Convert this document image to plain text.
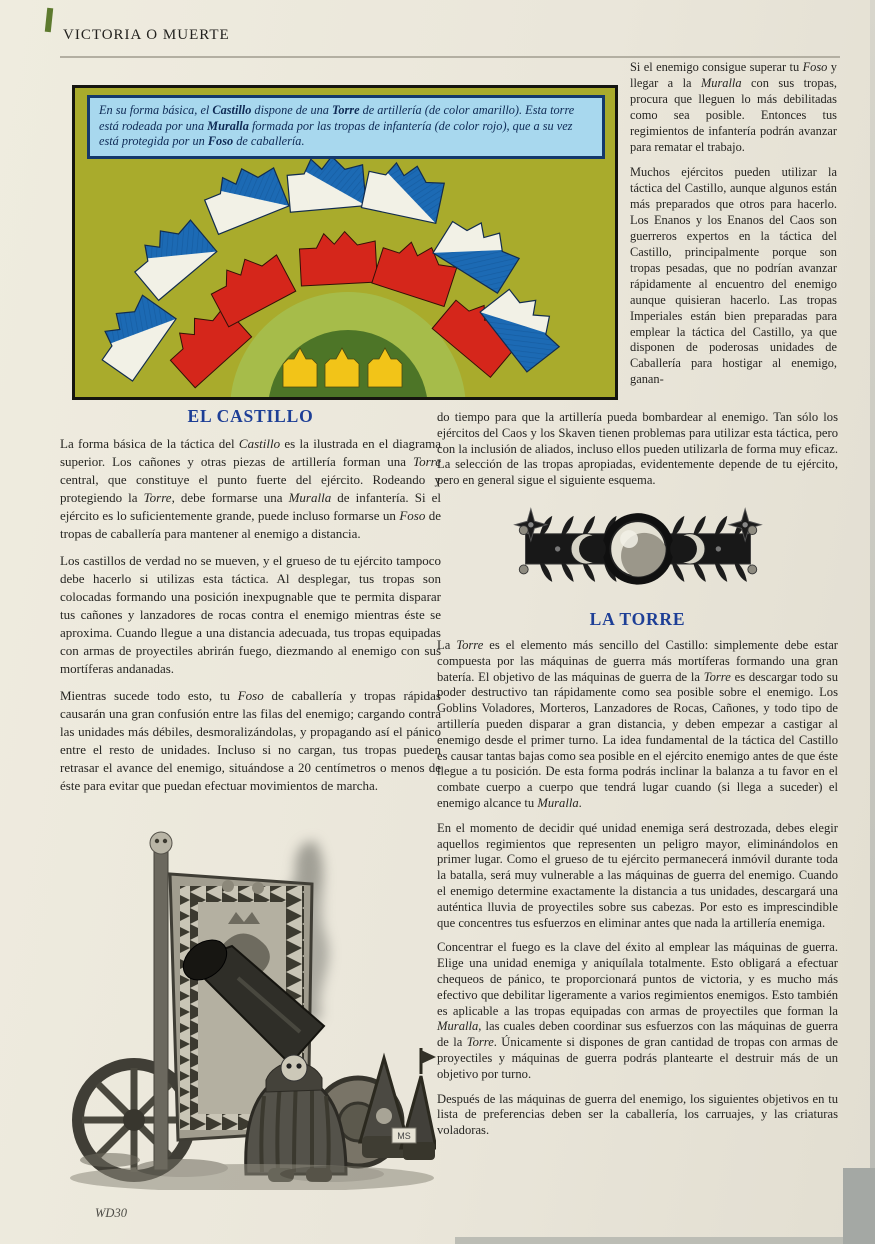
VICTORIA O MUERTE
En su forma básica, el Castillo dispone de una Torre de artillería (de color amarillo). Esta torre está rodeada por una Muralla formada por las tropas de infantería (de color rojo), que a su vez está protegida por un Foso de caballería.

Si el enemigo consigue superar tu Foso y llegar a la Muralla con sus tropas, procura que lleguen lo más debilitadas como sea posible. Entonces tus regimientos de infantería podrán avanzar para rematar el trabajo.

Muchos ejércitos pueden utilizar la táctica del Castillo, aunque algunos están más preparados que otros para hacerlo. Los Enanos y los Enanos del Caos son guerreros expertos en la táctica del Castillo, principalmente porque son tropas pesadas, que no podrían avanzar rápidamente al encuentro del enemigo aunque quisieran hacerlo. Las tropas Imperiales están bien preparadas para emplear la táctica del Castillo, ya que disponen de poderosas unidades de Caballería para hostigar al enemigo, ganan-

EL CASTILLO

La forma básica de la táctica del Castillo es la ilustrada en el diagrama superior. Los cañones y otras piezas de artillería forman una Torre central, que constituye el punto fuerte del ejército. Rodeando y protegiendo la Torre, debe formarse una Muralla de infantería. Si el ejército es lo suficientemente grande, puede incluso formarse un Foso de tropas de caballería para mantener al enemigo a distancia.

Los castillos de verdad no se mueven, y el grueso de tu ejército tampoco debe hacerlo si utilizas esta táctica. Al desplegar, tus tropas son colocadas formando una posición inexpugnable que te permita disparar tus cañones y lanzadores de rocas contra el enemigo mientras éste se aproxima. Cuando llegue a una distancia adecuada, tus tropas equipadas con armas de proyectiles abrirán fuego, diezmando al enemigo con sus mortíferas andanadas.

Mientras sucede todo esto, tu Foso de caballería y tropas rápidas causarán una gran confusión entre las filas del enemigo; cargando contra las unidades más débiles, desmoralizándolas, y propagando así el pánico entre el resto de unidades. Incluso si no cargan, tus tropas pueden retrasar el avance del enemigo, situándose a 20 centímetros o menos de éste para evitar que puedan efectuar movimientos de marcha.

do tiempo para que la artillería pueda bombardear al enemigo. Tan sólo los ejércitos del Caos y los Skaven tienen problemas para utilizar esta táctica, pero con la inclusión de aliados, incluso ellos pueden utilizarla de forma muy eficaz. La selección de las tropas apropiadas, evidentemente depende de tu ejército, pero en general sigue el siguiente esquema.

LA TORRE

La Torre es el elemento más sencillo del Castillo: simplemente debe estar compuesta por las máquinas de guerra más mortíferas formando una gran batería. El objetivo de las máquinas de guerra de la Torre es descargar todo su poder destructivo tan rápidamente como sea posible sobre el enemigo. Los Goblins Voladores, Morteros, Lanzadores de Rocas, Cañones, y todo tipo de artillería pueden disparar a gran distancia, y deben empezar a castigar al enemigo desde el primer turno. La idea fundamental de la táctica del Castillo es causar tantas bajas como sea posible en el ejército enemigo antes de que éste llegue a tu posición. De esta forma podrás inclinar la balanza a tu favor en el combate cuerpo a cuerpo que tendrá lugar cuando (si llega a suceder) el enemigo alcance tu Muralla.

En el momento de decidir qué unidad enemiga será destrozada, debes elegir aquellos regimientos que representen un peligro mayor, eliminándolos en primer lugar. Como el grueso de tu ejército permanecerá inmóvil durante toda la batalla, será muy vulnerable a las máquinas de guerra del enemigo. Cuando el enemigo determine exactamente la distancia a tus unidades, descargará una auténtica lluvia de proyectiles sobre sus cabezas. Por esto es imprescindible que concentres tus esfuerzos en eliminar antes que nada la artillería enemiga.

Concentrar el fuego es la clave del éxito al emplear las máquinas de guerra. Elige una unidad enemiga y aniquílala totalmente. Esto obligará a efectuar chequeos de pánico, te proporcionará puntos de victoria, y es mucho más efectivo que debilitar ligeramente a varios regimientos enemigos. Esto también es aplicable a las tropas equipadas con armas de proyectiles que forman la Muralla, las cuales deben coordinar sus esfuerzos con las máquinas de guerra de la Torre. Únicamente si dispones de gran cantidad de tropas con armas de proyectiles y máquinas de guerra podrás plantearte el destruir más de un objetivo por turno.

Después de las máquinas de guerra del enemigo, los siguientes objetivos en tu lista de preferencias deben ser la caballería, los carruajes, y las criaturas voladoras.

MS
WD30
